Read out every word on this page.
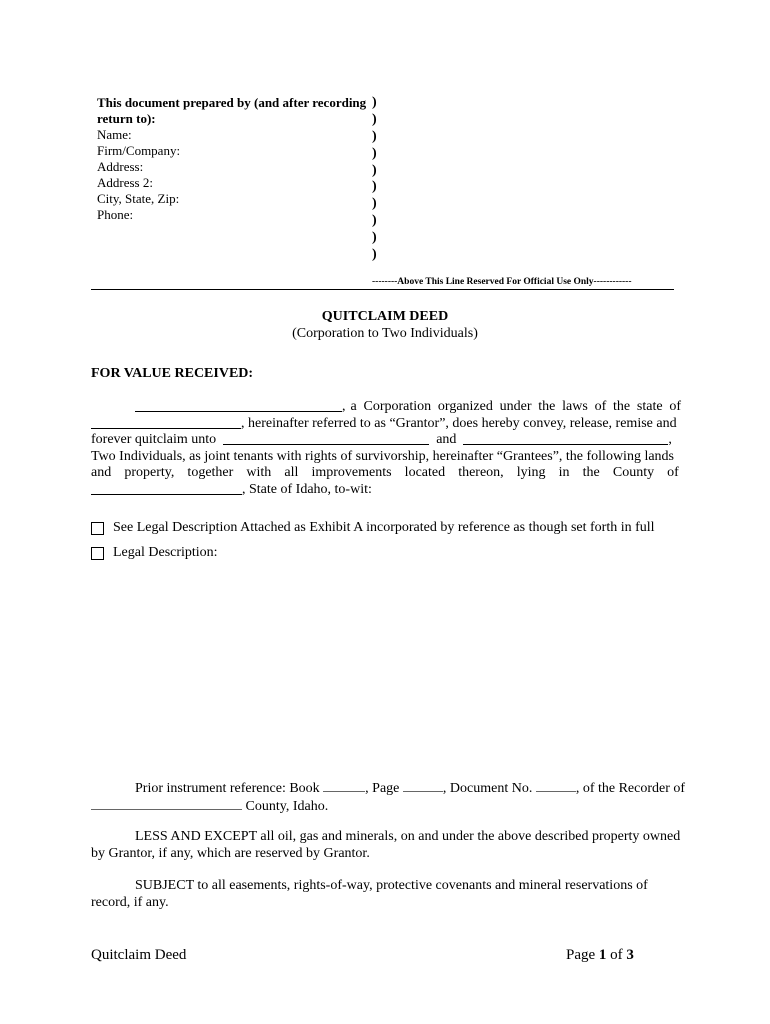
This document prepared by (and after recording
return to):
Name:
Firm/Company:
Address:
Address 2:
City, State, Zip:
Phone:
)
)
)
)
)
)
)
)
)
)
--------Above This Line Reserved For Official Use Only------------
QUITCLAIM DEED
(Corporation to Two Individuals)
FOR VALUE RECEIVED:
, a Corporation organized under the laws of the state of
, hereinafter referred to as “Grantor”, does hereby convey, release, remise and
forever quitclaim unto	and	,
Two Individuals, as joint tenants with rights of survivorship, hereinafter “Grantees”, the following lands
and property, together with all improvements located thereon, lying in the County of
, State of Idaho, to-wit:
See Legal Description Attached as Exhibit A incorporated by reference as though set forth in full
Legal Description:
Prior instrument reference: Book	, Page	, Document No.	, of the Recorder of
County, Idaho.
LESS AND EXCEPT all oil, gas and minerals, on and under the above described property owned
by Grantor, if any, which are reserved by Grantor.
SUBJECT to all easements, rights-of-way, protective covenants and mineral reservations of
record, if any.
Quitclaim Deed	Page 1 of 3
